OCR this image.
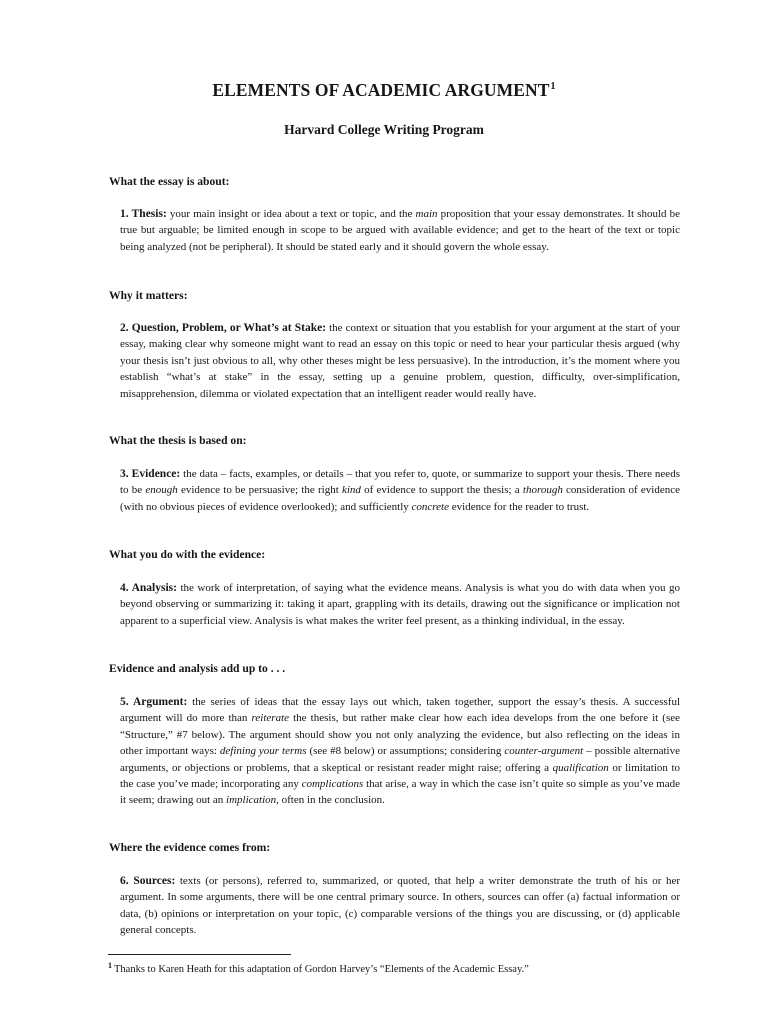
ELEMENTS OF ACADEMIC ARGUMENT$^1$
Harvard College Writing Program
What the essay is about:
1. Thesis: your main insight or idea about a text or topic, and the main proposition that your essay demonstrates. It should be true but arguable; be limited enough in scope to be argued with available evidence; and get to the heart of the text or topic being analyzed (not be peripheral). It should be stated early and it should govern the whole essay.
Why it matters:
2. Question, Problem, or What’s at Stake: the context or situation that you establish for your argument at the start of your essay, making clear why someone might want to read an essay on this topic or need to hear your particular thesis argued (why your thesis isn’t just obvious to all, why other theses might be less persuasive). In the introduction, it’s the moment where you establish “what’s at stake” in the essay, setting up a genuine problem, question, difficulty, over-simplification, misapprehension, dilemma or violated expectation that an intelligent reader would really have.
What the thesis is based on:
3. Evidence: the data – facts, examples, or details – that you refer to, quote, or summarize to support your thesis. There needs to be enough evidence to be persuasive; the right kind of evidence to support the thesis; a thorough consideration of evidence (with no obvious pieces of evidence overlooked); and sufficiently concrete evidence for the reader to trust.
What you do with the evidence:
4. Analysis: the work of interpretation, of saying what the evidence means. Analysis is what you do with data when you go beyond observing or summarizing it: taking it apart, grappling with its details, drawing out the significance or implication not apparent to a superficial view. Analysis is what makes the writer feel present, as a thinking individual, in the essay.
Evidence and analysis add up to . . .
5. Argument: the series of ideas that the essay lays out which, taken together, support the essay’s thesis. A successful argument will do more than reiterate the thesis, but rather make clear how each idea develops from the one before it (see “Structure,” #7 below). The argument should show you not only analyzing the evidence, but also reflecting on the ideas in other important ways: defining your terms (see #8 below) or assumptions; considering counter-argument – possible alternative arguments, or objections or problems, that a skeptical or resistant reader might raise; offering a qualification or limitation to the case you’ve made; incorporating any complications that arise, a way in which the case isn’t quite so simple as you’ve made it seem; drawing out an implication, often in the conclusion.
Where the evidence comes from:
6. Sources: texts (or persons), referred to, summarized, or quoted, that help a writer demonstrate the truth of his or her argument. In some arguments, there will be one central primary source. In others, sources can offer (a) factual information or data, (b) opinions or interpretation on your topic, (c) comparable versions of the things you are discussing, or (d) applicable general concepts.
$^1$ Thanks to Karen Heath for this adaptation of Gordon Harvey’s “Elements of the Academic Essay.”
